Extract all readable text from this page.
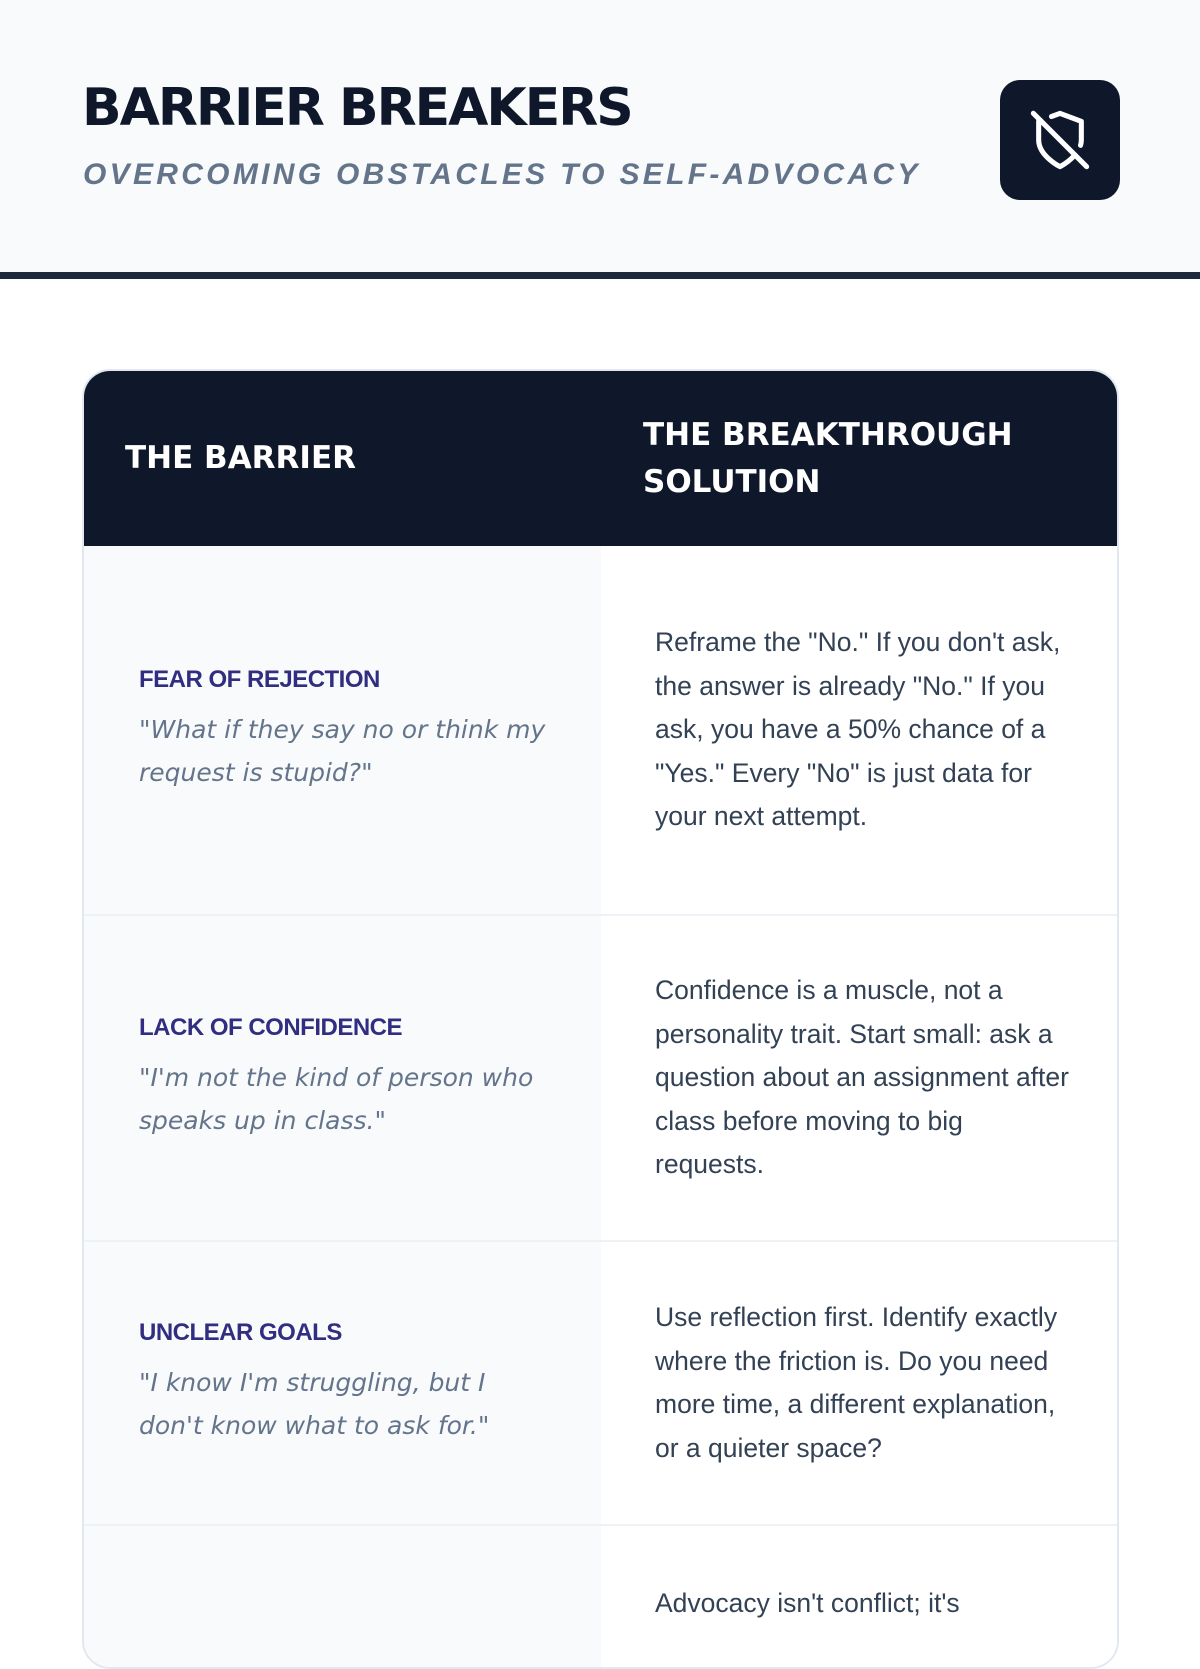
BARRIER BREAKERS

OVERCOMING OBSTACLES TO SELF-ADVOCACY

THE BARRIER
THE BREAKTHROUGH SOLUTION

FEAR OF REJECTION

"What if they say no or think my request is stupid?"

Reframe the "No." If you don't ask, the answer is already "No." If you ask, you have a 50% chance of a "Yes." Every "No" is just data for your next attempt.

LACK OF CONFIDENCE

"I'm not the kind of person who speaks up in class."

Confidence is a muscle, not a personality trait. Start small: ask a question about an assignment after class before moving to big requests.

UNCLEAR GOALS

"I know I'm struggling, but I don't know what to ask for."

Use reflection first. Identify exactly where the friction is. Do you need more time, a different explanation, or a quieter space?

Advocacy isn't conflict; it's
